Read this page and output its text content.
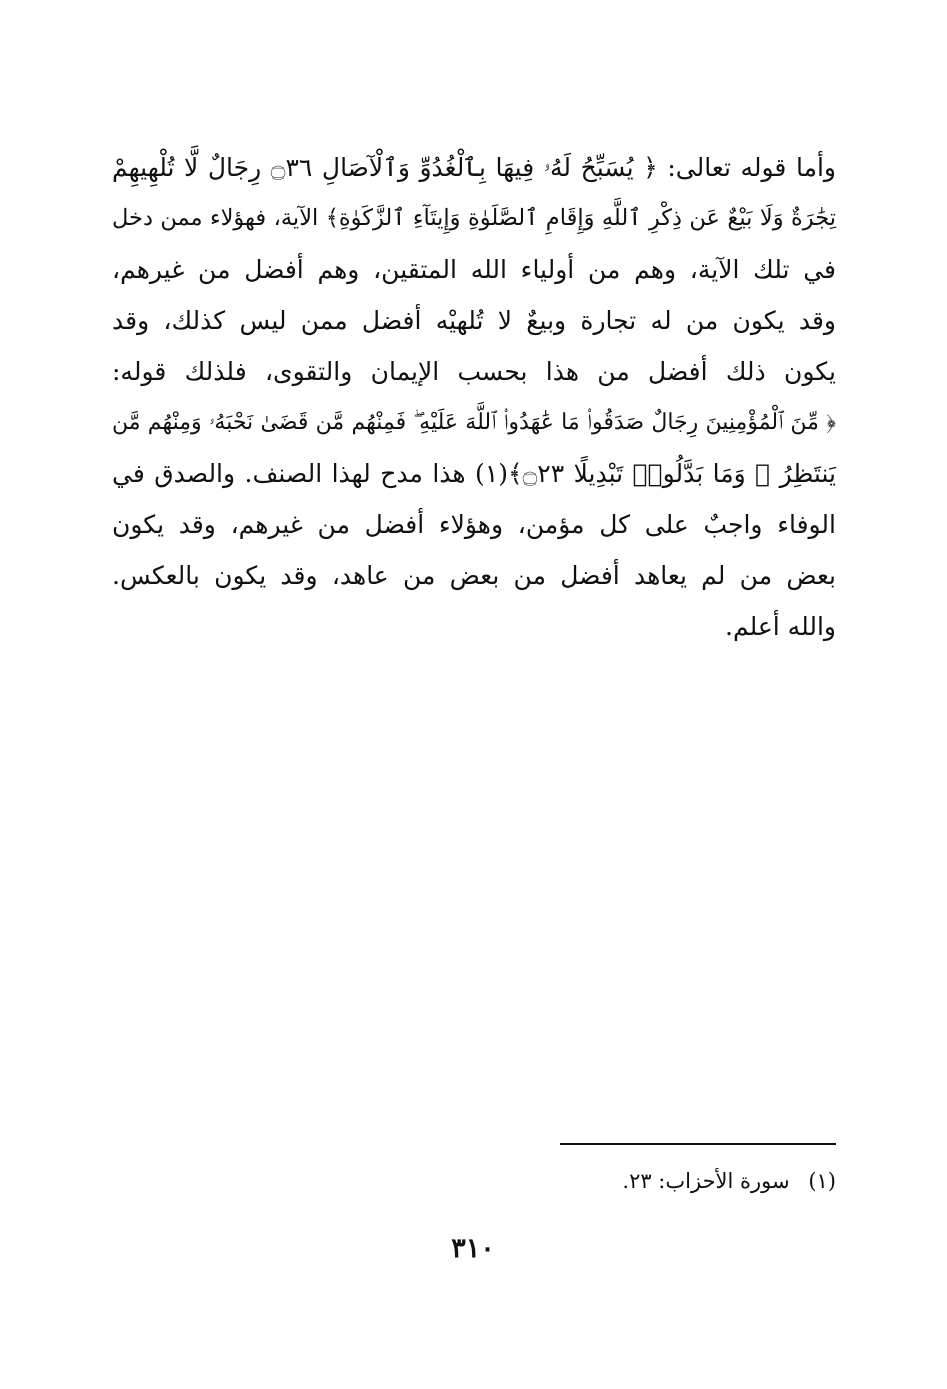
وأما قوله تعالى: ﴿ يُسَبِّحُ لَهُۥ فِيهَا بِٱلْغُدُوِّ وَٱلْآصَالِ ۝٣٦ رِجَالٌ لَّا تُلْهِيهِمْ
تِجَٰرَةٌ وَلَا بَيْعٌ عَن ذِكْرِ ٱللَّهِ وَإِقَامِ ٱلصَّلَوٰةِ وَإِيتَآءِ ٱلزَّكَوٰةِ﴾ الآية، فهؤلاء ممن دخل
في تلك الآية، وهم من أولياء الله المتقين، وهم أفضل من غيرهم،
وقد يكون من له تجارة وبيعٌ لا تُلهيْه أفضل ممن ليس كذلك، وقد
يكون ذلك أفضل من هذا بحسب الإيمان والتقوى، فلذلك قوله:
﴿ مِّنَ ٱلْمُؤْمِنِينَ رِجَالٌ صَدَقُوا۟ مَا عَٰهَدُوا۟ ٱللَّهَ عَلَيْهِ ۖ فَمِنْهُم مَّن قَضَىٰ نَحْبَهُۥ وَمِنْهُم مَّن
يَنتَظِرُ ۖ وَمَا بَدَّلُوا۟ تَبْدِيلًا ۝٢٣﴾(١) هذا مدح لهذا الصنف. والصدق في
الوفاء واجبٌ على كل مؤمن، وهؤلاء أفضل من غيرهم، وقد يكون
بعض من لم يعاهد أفضل من بعض من عاهد، وقد يكون بالعكس.
والله أعلم.
(١) سورة الأحزاب: ٢٣.
٣١٠
